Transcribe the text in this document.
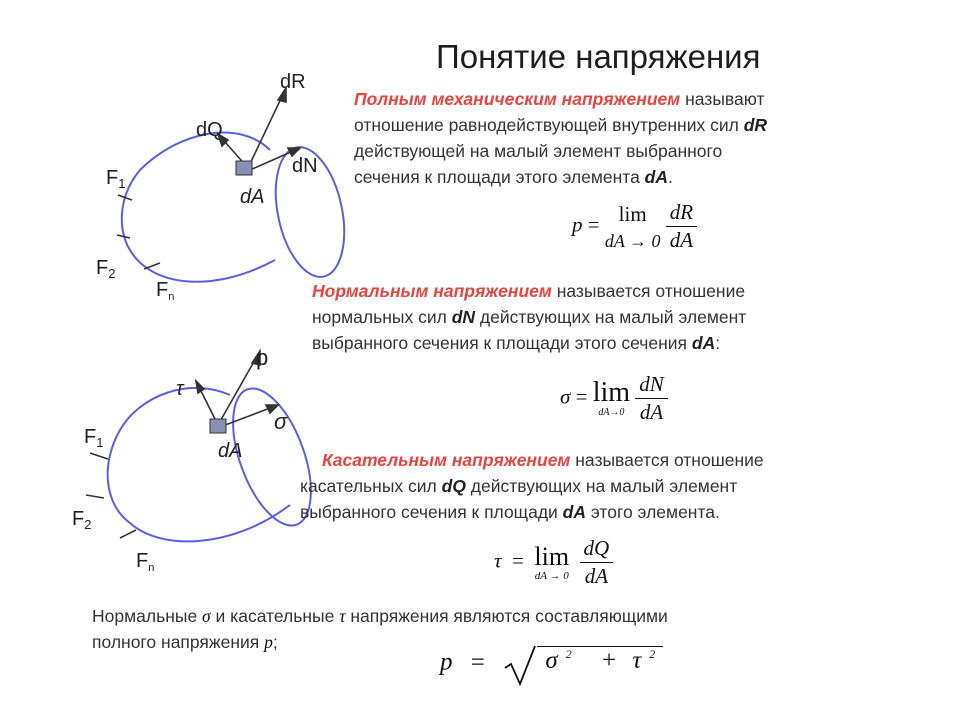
Понятие напряжения
dR
dQ
dN
dA
$F_1$
$F_2$
$F_n$
Полным механическим напряжением называют
отношение равнодействующей внутренних сил dR
действующей на малый элемент выбранного
сечения к площади этого элемента dA.
p = lim
dA → 0
$\frac{dR}{dA}$
Нормальным напряжением называется отношение
нормальных сил dN действующих на малый элемент
выбранного сечения к площади этого сечения dA:
σ = lim
dA→0
$\frac{dN}{dA}$
p
τ
σ
dA
$F_1$
$F_2$
$F_n$
Касательным напряжением называется отношение
касательных сил dQ действующих на малый элемент
выбранного сечения к площади dA этого элемента.
τ = lim
dA → 0
$\frac{dQ}{dA}$
Нормальные σ и касательные τ напряжения являются составляющими
полного напряжения p;
p = σ $^2$ + τ $^2$
